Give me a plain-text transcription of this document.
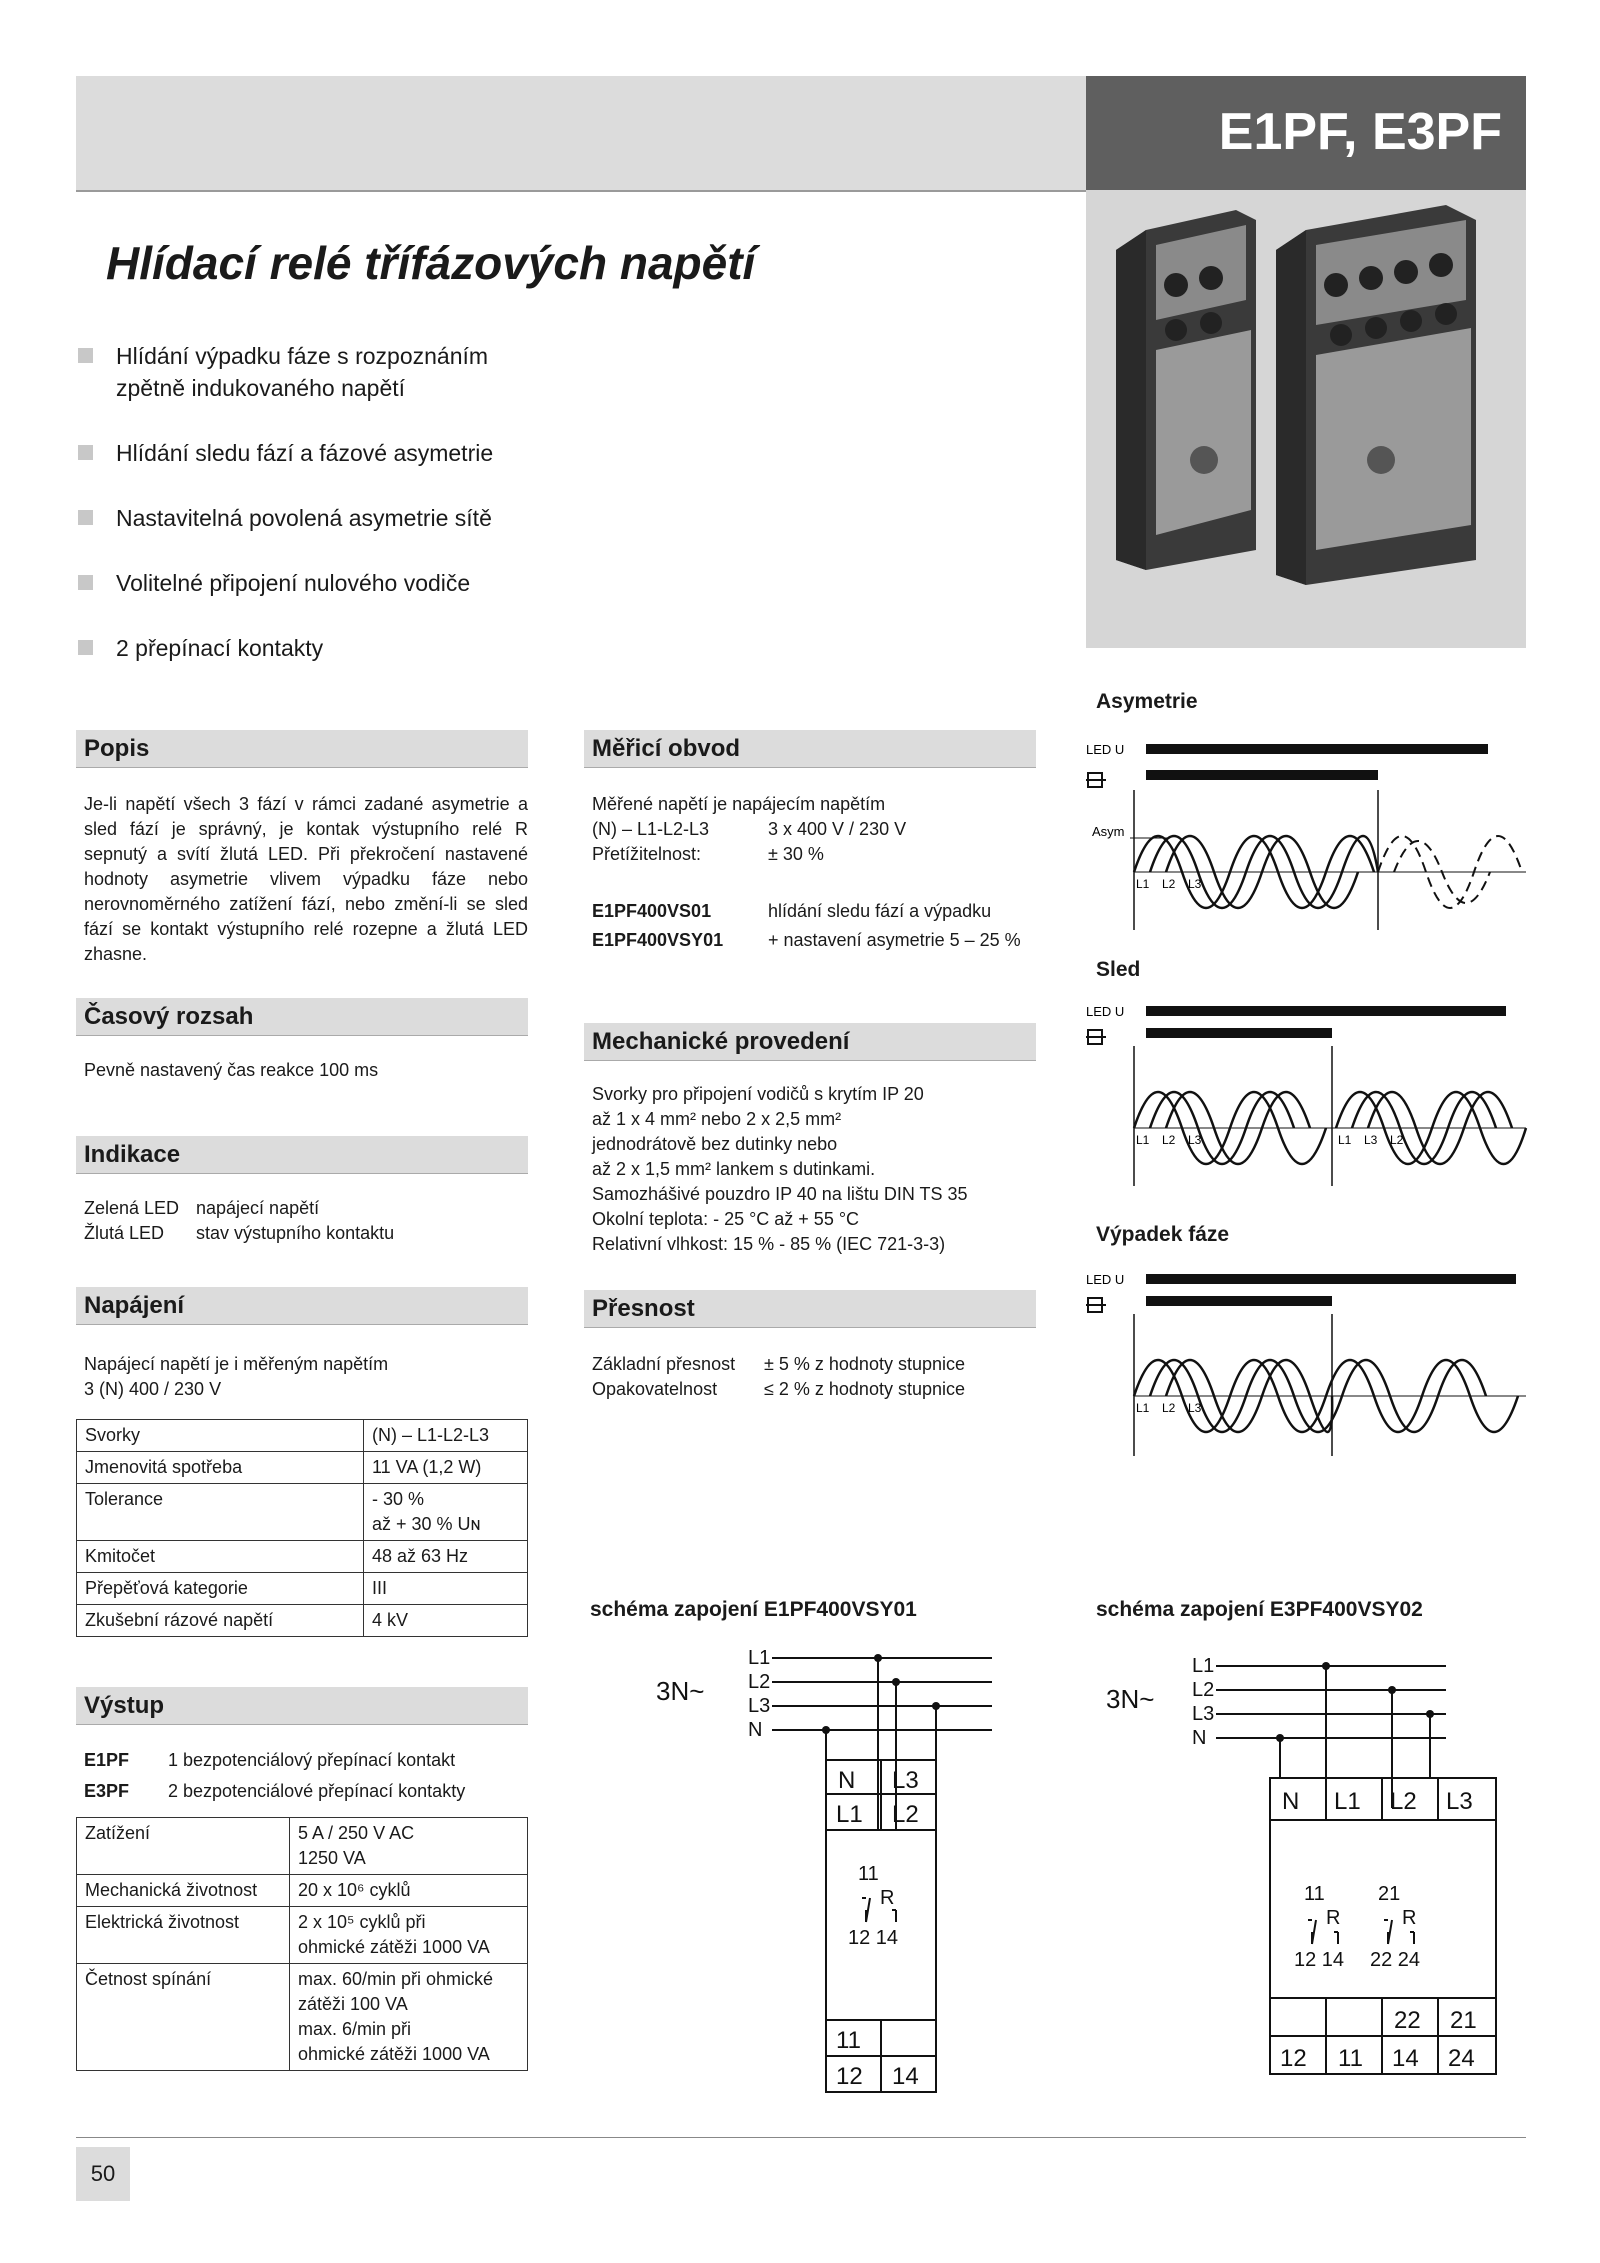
E1PF, E3PF
Hlídací relé třífázových napětí
Hlídání výpadku fáze s rozpoznáním zpětně indukovaného napětí
Hlídání sledu fází a fázové asymetrie
Nastavitelná povolená asymetrie sítě
Volitelné připojení nulového vodiče
2 přepínací kontakty
Popis
Je-li napětí všech 3 fází v rámci zadané asymetrie a sled fází je správný, je kontak výstupního relé R sepnutý a svítí žlutá LED. Při překročení nastavené hodnoty asymetrie vlivem výpadku fáze nebo nerovnoměrného zatížení fází, nebo změní-li se sled fází se kontakt výstupního relé rozepne a žlutá LED zhasne.
Časový rozsah
Pevně nastavený čas reakce 100 ms
Indikace
Zelená LED napájecí napětí
Žlutá LED stav výstupního kontaktu
Napájení
Napájecí napětí je i měřeným napětím
3 (N) 400 / 230 V
Svorky	(N) – L1-L2-L3
Jmenovitá spotřeba	11 VA (1,2 W)
Tolerance	- 30 %
až + 30 % Uɴ

Kmitočet	48 až 63 Hz
Přepěťová kategorie	III
Zkušební rázové napětí	4 kV
Výstup
E1PF 1 bezpotenciálový přepínací kontakt
E3PF 2 bezpotenciálové přepínací kontakty
Zatížení	5 A / 250 V AC
1250 VA

Mechanická životnost	20 x 10⁶ cyklů

Elektrická životnost	2 x 10⁵ cyklů při
ohmické zátěži 1000 VA

Četnost spínání	max. 60/min při ohmické
zátěži 100 VA
max. 6/min při
ohmické zátěži 1000 VA
Měřicí obvod
Měřené napětí je napájecím napětím
(N) – L1-L2-L3	3 x 400 V / 230 V
Přetížitelnost:	± 30 %
E1PF400VS01	hlídání sledu fází a výpadku
E1PF400VSY01 + nastavení asymetrie 5 – 25 %
Mechanické provedení
Svorky pro připojení vodičů s krytím IP 20
až 1 x 4 mm² nebo 2 x 2,5 mm²
jednodrátově bez dutinky nebo
až 2 x 1,5 mm² lankem s dutinkami.
Samozhášivé pouzdro IP 40 na lištu DIN TS 35
Okolní teplota: - 25 °C až + 55 °C
Relativní vlhkost: 15 % - 85 % (IEC 721-3-3)
Přesnost
Základní přesnost ± 5 % z hodnoty stupnice
Opakovatelnost	≤ 2 % z hodnoty stupnice
Asymetrie
Sled
Výpadek fáze
LED U
Asym
L1 L2 L3
LED U
L1 L2 L3	L1 L3 L2
LED U
L1 L2 L3
schéma zapojení E1PF400VSY01
3N~
L1
L2
L3
N
N L3
L1 L2
11
R
12 14
11
12 14
schéma zapojení E3PF400VSY02
3N~
L1
L2
L3
N
N L1 L2 L3
11	21
R	R
12 14 22 24
22 21
12 11 14 24
50
